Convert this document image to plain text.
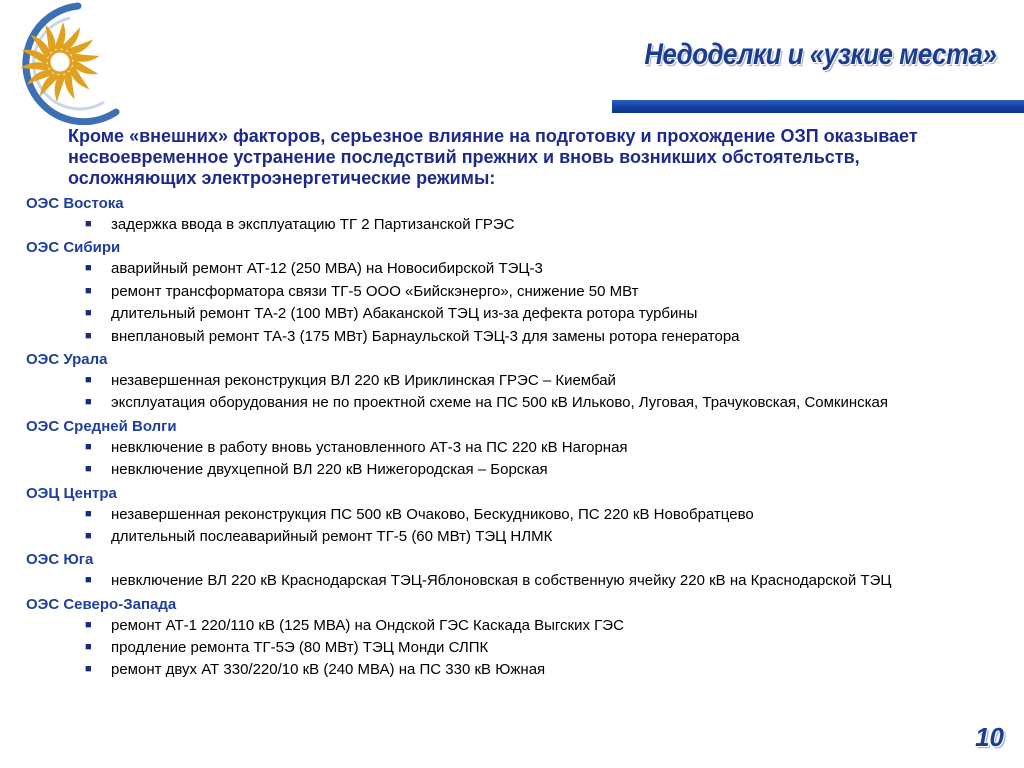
Недоделки и «узкие места»
Кроме «внешних» факторов, серьезное влияние на подготовку и прохождение ОЗП оказывает несвоевременное устранение последствий прежних и вновь возникших обстоятельств, осложняющих электроэнергетические режимы:
ОЭС Востока
■ задержка ввода в эксплуатацию ТГ 2 Партизанской ГРЭС
ОЭС Сибири
■ аварийный ремонт АТ-12 (250 МВА) на Новосибирской ТЭЦ-3
■ ремонт трансформатора связи ТГ-5 ООО «Бийскэнерго», снижение 50 МВт
■ длительный ремонт ТА-2 (100 МВт) Абаканской ТЭЦ из-за дефекта ротора турбины
■ внеплановый ремонт ТА-3 (175 МВт) Барнаульской ТЭЦ-3 для замены ротора генератора
ОЭС Урала
■ незавершенная реконструкция ВЛ 220 кВ Ириклинская ГРЭС – Киембай
■ эксплуатация оборудования не по проектной схеме на ПС 500 кВ Ильково, Луговая, Трачуковская, Сомкинская
ОЭС Средней Волги
■ невключение в работу вновь установленного АТ-3 на ПС 220 кВ Нагорная
■ невключение двухцепной ВЛ 220 кВ Нижегородская – Борская
ОЭЦ Центра
■ незавершенная реконструкция ПС 500 кВ Очаково, Бескудниково, ПС 220 кВ Новобратцево
■ длительный послеаварийный ремонт ТГ-5 (60 МВт) ТЭЦ НЛМК
ОЭС Юга
■ невключение ВЛ 220 кВ Краснодарская ТЭЦ-Яблоновская в собственную ячейку 220 кВ на Краснодарской ТЭЦ
ОЭС Северо-Запада
■ ремонт АТ-1 220/110 кВ (125 МВА) на Ондской ГЭС Каскада Выгских ГЭС
■ продление ремонта ТГ-5Э (80 МВт) ТЭЦ Монди СЛПК
■ ремонт двух АТ 330/220/10 кВ (240 МВА) на ПС 330 кВ Южная
10
